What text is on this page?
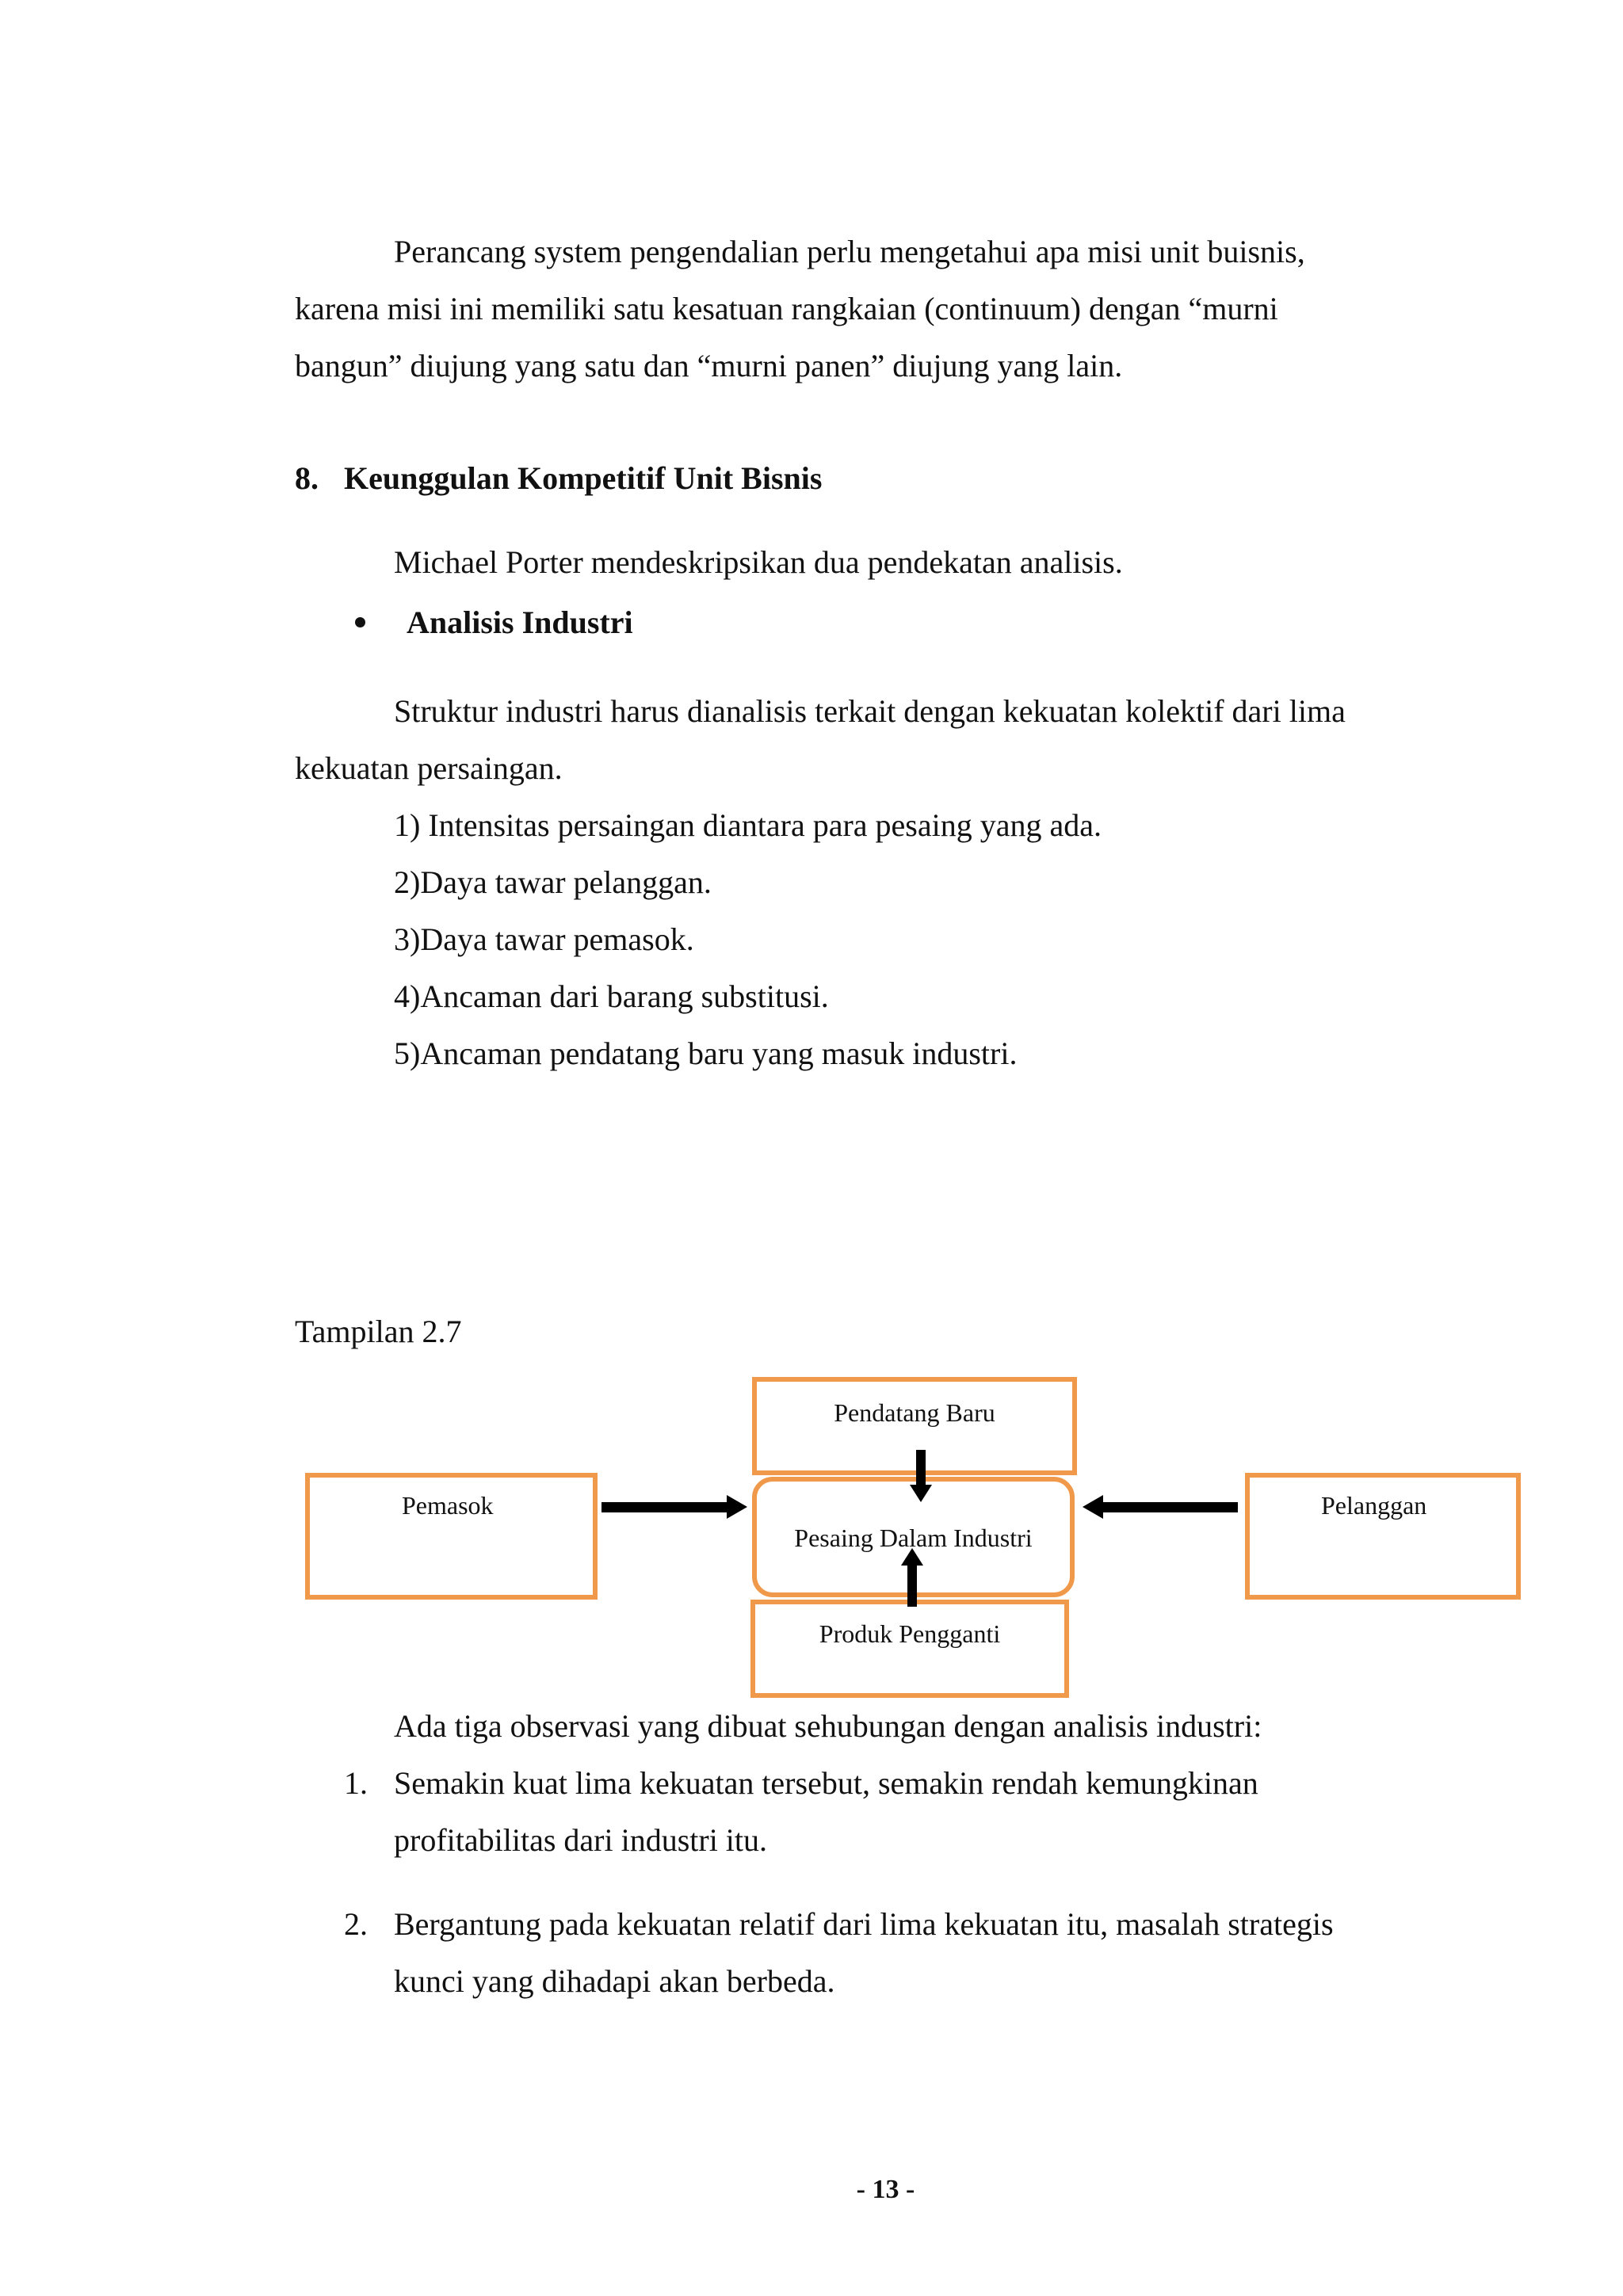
Perancang system pengendalian perlu mengetahui apa misi unit buisnis,
karena misi ini memiliki satu kesatuan rangkaian (continuum) dengan “murni
bangun” diujung yang satu dan “murni panen” diujung yang lain.
8. Keunggulan Kompetitif Unit Bisnis
Michael Porter mendeskripsikan dua pendekatan analisis.
Analisis Industri
Struktur industri harus dianalisis terkait dengan kekuatan kolektif dari lima
kekuatan persaingan.
1) Intensitas persaingan diantara para pesaing yang ada.
2)Daya tawar pelanggan.
3)Daya tawar pemasok.
4)Ancaman dari barang substitusi.
5)Ancaman pendatang baru yang masuk industri.
Tampilan 2.7
Pendatang Baru
Pemasok	Pelanggan
Produk Pengganti
Pesaing Dalam Industri
Ada tiga observasi yang dibuat sehubungan dengan analisis industri:
1. Semakin kuat lima kekuatan tersebut, semakin rendah kemungkinan
profitabilitas dari industri itu.
2. Bergantung pada kekuatan relatif dari lima kekuatan itu, masalah strategis
kunci yang dihadapi akan berbeda.
- 13 -
